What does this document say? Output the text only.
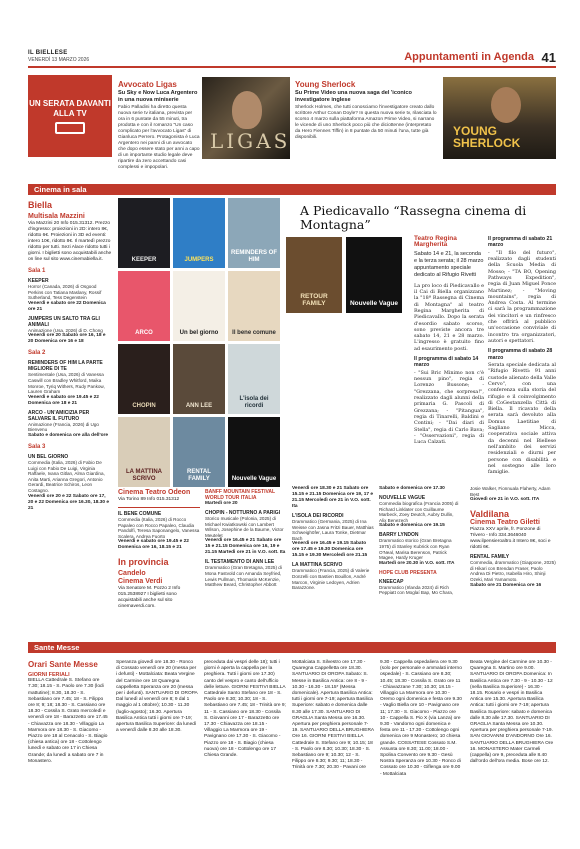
IL BIELLESE
VENERDÌ 13 MARZO 2026	Appuntamenti in Agenda 41
UN SERATA DAVANTI ALLA TV
Avvocato Ligas
Su Sky e Now Luca Argentero in una nuova miniserie
Fabio Palladini ha diretto questa nuova serie tv italiana, prevista per ora in 6 puntate da 55 minuti, tra prodotta e con il romanzo "Un caso complicato per l'avvocato Ligas" di Gianluca Perrero. Protagonista è Luca Argentero nei panni di un avvocato che dopo essere stato per anni a capo di un importante studio legale deve ripartire da zero accettando casi complessi e impopolari.
LIGAS
Young Sherlock
Su Prime Video una nuova saga del 'iconico investigatore inglese
Sherlock Holmes, che tutti conosciamo l'investigatore creato dallo scrittore Arthur Conan Doyle? In questa nuova serie tv, rilasciata lo scorso 4 marzo sulla piattaforma Amazon Prime Video, si narrano le vicende di uno Sherlock poco più che diciottenne (interpretato da Hero Fiennes Tiffin) in 8 puntate da 50 minuti l'una, tutte già disponibili.	YOUNG
SHERLOCK
Cinema in sala
Biella
Multisala Mazzini
Via Mazzini 20 Info 015.31312. Prezzo d'ingresso: proiezioni in 2D: intero 8€, ridotto 6€. Proiezioni in 3D ed eventi: intero 10€, ridotto 8€. Il martedì prezzo ridotto per tutti. Sezi Alace ridotto tutti i giorni. I biglietti sono acquistabili anche on line sul sito www.cinemabiella.it.
Sala 1
KEEPER
Horror (Canada, 2026) di Osgood Perkins con Tatiana Maslany, Rossif Sutherland, Tess Degenstein
Venerdì e sabato ore 22 Domenica ore 21
JUMPERS UN SALTO TRA GLI ANIMALI
Animazione (Usa, 2026) di D. Chong
Venerdì ore 20 Sabato ore 16, 18 e 20 Domenica ore 16 e 18
Sala 2
REMINDERS OF HIM LA PARTE MIGLIORE DI TE
Sentimentale (Usa, 2026) di Vanessa Caswill con Bradley Whitford, Maika Monroe, Tyriq Withers, Rudy Pankow, Lauren Graham
Venerdì e sabato ore 19.45 e 22 Domenica ore 18 e 21
ARCO - UN'AMICIZIA PER SALVARE IL FUTURO
Animazione (Francia, 2026) di Ugo Bienvenu
Sabato e domenica ore alla dell'ore
Sala 3
UN BEL GIORNO
Commedia (Italia, 2026) di Fabio De Luigi con Fabio De Luigi, Virginia Raffaele, Ivana Gitlan, Alma Giardina, Anita Marti, Arianna Gregori, Antonio Gerardi, Beatrice Schiros, Leon Costagno.
Venerdì ore 20 e 22 Sabato ore 17, 20 e 22 Domenica ore 16.30, 18.30 e 21
KEEPER	JUMPERS
REMINDERS OF HIM
ARCO	Un bel giorno	Il bene comune
CHOPIN	ANN LEE
L'isola dei ricordi
LA MATTINA SCRIVO
RENTAL FAMILY	Nouvelle Vague
Cinema Teatro Odeon
Via Torino 89 Info 015.31312
IL BENE COMUNE
Commedia (Italia, 2026) di Rocco Papaleo con Rocco Papaleo, Claudia Pandolfi, Teresa Saponangelo, Vanessa Scalera, Andrea Fuorto
Venerdì e sabato ore 19.45 e 22 Domenica ore 16, 18.15 e 21
In provincia
Candelo
Cinema Verdi
Via Senatore M. Pozzo 2 Info 015.2538927 I biglietti sono acquistabili anche sul sito cinemaverdi.com.
BANFF MOUNTAIN FESTIVAL WORLD TOUR ITALIA
Martedì ore 20
CHOPIN - NOTTURNO A PARIGI
Storico musicale (Polonia, 2025) di Michael Kwiatkowski con Lambert Wilson, Josephine de la Baume, Victor Meutelet
Venerdì ore 16.45 e 21 Sabato ore 15 e 21.15 Domenica ore 16, 19 e 21.15 Martedì ore 21 in V.O. sott. Ita
IL TESTAMENTO DI ANN LEE
Drammatico (Gran Bretagna, 2025) di Mona Fastvold con Amanda Seyfried, Lewis Pullman, Thomasin McKenzie, Matthew Beard, Christopher Abbott
Venerdì ore 18.30 e 21 Sabato ore 15.15 e 21.15 Domenica ore 19, 17 e 21.15 Mercoledì ore 21 in V.O. sott. Ita
L'ISOLA DEI RICORDI
Drammatico (Germania, 2025) di Ina Weisse con Jasna Fritzi Bauer, Matthias Schweighöfer, Laura Tonke, Dietmar Bach
Venerdì ore 16.45 e 19.15 Sabato ore 17.45 e 19.30 Domenica ore 15.15 e 19.30 Mercoledì ore 21.15
LA MATTINA SCRIVO
Drammatico (Francia, 2025) di Valerie Donzelli con Bastien Bouillon, André Marcon, Virginie Ledoyen, Adrien Barazzone.
Sabato e domenica ore 17.30
NOUVELLE VAGUE
Commedia biografica (Francia 2005) di Richard Linklater con Guillaume Marbeck, Zoey Deutch, Aubry Dullin, Alix Benezech
Sabato e domenica ore 19.15
BARRY LYNDON
Drammatico storico (Gran Bretagna 1975) di Stanley Kubrick con Ryan O'Neal, Marisa Berenson, Patrick Magee, Hardy Kruger
Martedì ore 20.30 in V.O. sott. ITA
HOPE CLUB PRESENTA
KNEECAP
Drammatico (Irlanda 2024) di Rich Peppiatt con Moglaí Bap, Mo Chara,
Josie Walker, Fionnuala Flaherty, Adam Best
Giovedì ore 21 in V.O. sott. ITA
Valdilana
Cinema Teatro Giletti
Piazza XXV aprile, fr. Ponzone di Trivero - Info 334.3646040 www.ilpensieroaltro.it Intero 8€, soci e ridotti 6€.
RENTAL FAMILY
Commedia, drammatico (Giappone, 2025) di Hikari con Brendan Fraser, Paolo Andrea Di Pietro, Isabella Hiro, Shinji Ozeki, Mari Yamamoto.
Sabato ore 21 Domenica ore 16
RETOUR FAMILY	Nouvelle Vague
A Piedicavallo “Rassegna cinema di Montagna”
Teatro Regina Margherita
Sabato 14 e 21, la seconda e la terza serata; il 28 marzo appuntamento speciale dedicato al Rifugio Rivetti
La pro loco di Piedicavallo e il Cai di Biella organizzano la "18ª Rassegna di Cinema di Montagna" al teatro Regina Margherita di Piedicavallo. Dopo la serata d'esordio sabato scorso, sono previste ancora tre sabato 14, 21 e 28 marzo. L'ingresso è gratuito fino ad esaurimento posti.
Il programma di sabato 14 marzo
- "Sui Bric Minimo non c'è nessun pino", regia di Lorenzo Bussone; - "Grezzana, che sorpresa!", realizzato dagli alunni della primaria G. Pascoli di Grezzana; - "Pitangua", regia di Tinarelli, Baldini e Contini; - "Dai diari di Stella", regia di Carlo Bava; - "Osservazioni", regia di Luca Calzati.
Il programma di sabato 21 marzo
- "Il filo del futuro", realizzato dagli studenti della Scuola Media di Mosso; - "TA BO, Opening Pathways Expedition", regia di Juan Miguel Ponce Martinez; - "Moving mountains", regia di Andrea Costa. Al termine ci sarà la programmazione dei vincitori e un rinfresco che offrirà al pubblico un'occasione conviviale di incontro tra organizzatori, autori e spettatori.
Il programma di sabato 28 marzo
Serata speciale dedicata al "Rifugio Rivetti: 91 anni custode alienato della Valle Cervo", con una conferenza sulla storia del rifugio e il coinvolgimento di CoGestanzella Città di Biella. Il ricavato della serata sarà devoluto alla Domus Laetitiae di Sagliano Micca, cooperativa sociale attiva da decenni nel Biellese nell'ambito dei servizi residenziali e diurni per persone con disabilità e nel sostegno alle loro famiglie.
Sante Messe
Orari Sante Messe
GIORNI FERIALI
BIELLA Cattedrale S. Stefano ore 7.30; 18.15 - S. Paolo ore 7.30 (lodi mattutine); 8.30, 18.30 - S. Sebastiano ore 7.45; 18 - S. Filippo ore 8; 9; 18; 18.30 - S. Cassiano ore 18.30 - Cossila S. Grato mercoledì e venerdì ore 18 - Barazzetto ore 17.45 - Chiavazza ore 18.30 - Villaggio La Marmora ore 18.30 - S. Giacomo - Piazzo ore 18 al Cenacolo - S. Biagio (chiesa antica) ore 18 - Cottolengo lunedì e sabato ore 17 in Chiesa Grande; da lunedì a sabato ore 7 in Monastero.
Speranza giovedì ore 18.30 - Ronco di Cossato venerdì ore 20 (messa per i defunti) - Mottalciata: Beata Vergine del Carmine ore 18 Quaregna cappelletta Speranza ore 20 (messa per i defunti). SANTUARIO DI OROPA Dal lunedì al venerdì ore 8; 9 dal 1 maggio al 1 ottobre); 10.30 - 11.30 (luglio-agosto); 16.30. Apertura Basilica Antica tutti i giorni ore 7-19; apertura Basilica Superiore: da lunedì a venerdì dalle 8.30 alle 18.30.
preceduta dai vespri delle 18); tutti i giorni è aperta la cappella per la preghiera. Tutti i giorni ore 17.30) canto del vespro e canto dell'ufficio delle letture. GIORNI FESTIVI BIELLA Cattedrale Santo Stefano ore 18 - S. Paolo ore 8.30; 10.30; 18 - S. Sebastiano ore 7.45; 18 - Trinità ore 9; 11 - S. Cassiano ore 18.30 - Cossila S. Giovanni ore 17 - Barazzetto ore 17.30 - Chiavazza ore 18.15 - Villaggio La Marmora ore 19 - Pavignano ore 17.30 - S. Giacomo - Piazzo ore 18 - S. Biagio (chiesa nuova) ore 18 - Cottolengo ore 17 Chiesa Grande.
Mottalciata S. Silvestro ore 17.30 - Quaregna Cappelletta ore 18.30. SANTUARIO DI OROPA Sabato: S. Messe in Basilica Antica: ore 8 - 9 - 10.30 - 16.30 - 18.15* (Messa domenicale). Apertura Basilica Antica: tutti i giorni ore 7-19; apertura Basilica Superiore: sabato e domenica dalle 8.30 alle 17.30. SANTUARIO DI GRAGLIA Santa Messa ore 16.30. Apertura per preghiera personale 7-19. SANTUARIO DELLA BRUGHIERA Ore 16. GIORNI FESTIVI BIELLA Cattedrale S. Stefano ore 9; 10.15; 18 - S. Paolo ore 8.30; 10.30; 18.30 - S. Sebastiano ore 9; 10.30; 12 - S. Filippo ore 8.30; 9.30; 11; 18.30 - Trinità ore 7.30; 20.30 - Pavani ore
9.30 - Cappella ospedaliera ore 9.30 (solo per personale e ammalati interno ospedale) - S. Cassiano ore 8.30; 10.45; 18.30 - Cossila S. Grato ore 11 - Chiavazzane 7.30; 10.30; 18.15 - Villaggio La Marmora ore 10.30 - Oremo ogni domenica e festa ore 9.30 - Vaglio Biella ore 10 - Pavignano ore 11; 17.30 - S. Giacomo - Piazzo ore 10 - Cappella S. Pio X (via Lanza) ore 9.30 - Vandorno ogni domenica e festa ore 11 - 17.30 - Cottolengo ogni domenica ore 9 Monastero; 10 chiesa grande. COSSATESE Cossato S.M. Assunta ore 8.30; 11.00; 18.00 - Spolina Convento ore 9.30 - Gesù Nostra Speranza ore 10.30 - Ronco di Cossato ore 10.30 - Giflenga ore 9.00 - Mottalciata
Beata Vergine del Carmine ore 10.30 - Quaregna S. Martino ore 9.00. SANTUARIO DI OROPA Domenica: In Basilica Antica ore 7.30 - 9 - 10.30 - 12 (nella Basilica Superiore) - 16.30 - 18.15. Rosario e vespri in Basilica Antica ore 15.30. Apertura Basilica Antica: tutti i giorni ore 7-19; apertura Basilica Superiore: sabato e domenica dalle 8.30 alle 17.30. SANTUARIO DI GRAGLIA Santa Messa ore 10.30. Apertura per preghiera personale 7-19. SAN GIOVANNI D'ANDORNO Ore 16. SANTUARIO DELLA BRUGHIERA Ore 16. MONASTERO Mater Carmeli (cappella) ore 9, preceduta alle 8.40 dall'ordo dell'ora media. Bose ore 12.
